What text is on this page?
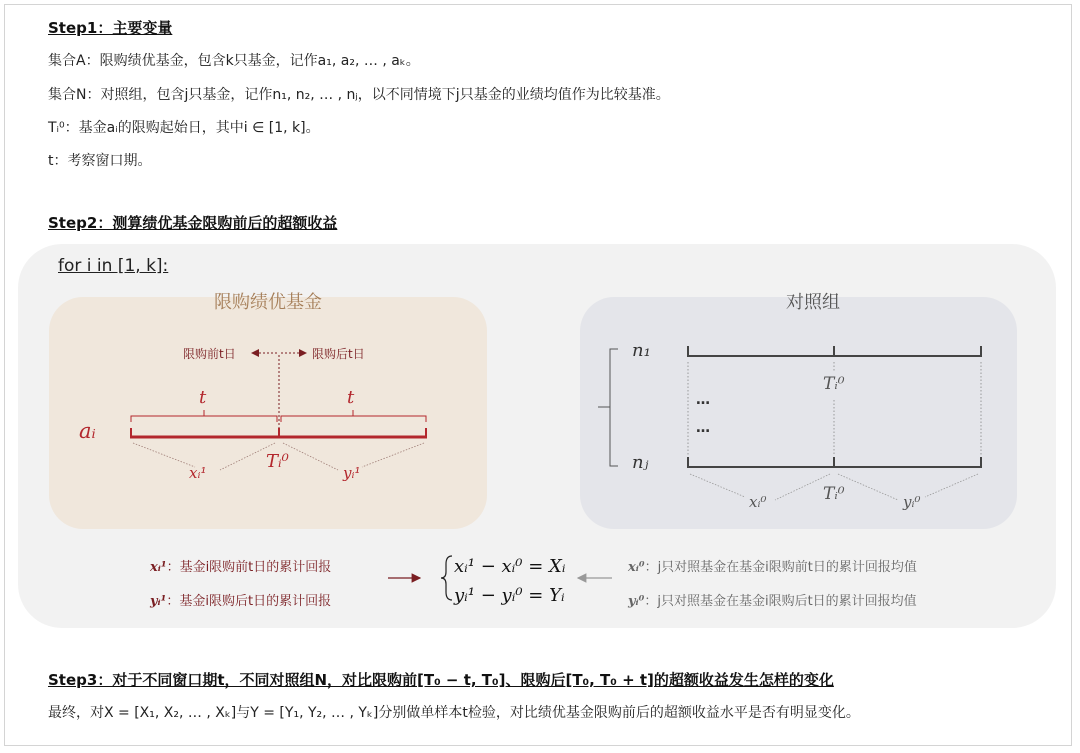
Step1：主要变量
集合A：限购绩优基金，包含k只基金，记作a₁, a₂, … , aₖ。
集合N：对照组，包含j只基金，记作n₁, n₂, … , nⱼ，以不同情境下j只基金的业绩均值作为比较基准。
Tᵢ⁰：基金aᵢ的限购起始日，其中i ∈ [1, k]。
t：考察窗口期。
Step2：测算绩优基金限购前后的超额收益
for i in [1, k]:
限购绩优基金	对照组
限购前t日	限购后t日
t	t
aᵢ
Tᵢ⁰
xᵢ¹	yᵢ¹
n₁
nⱼ
…
…
Tᵢ⁰
Tᵢ⁰
xᵢ⁰	yᵢ⁰
xᵢ¹：基金i限购前t日的累计回报
yᵢ¹：基金i限购后t日的累计回报
xᵢ¹ − xᵢ⁰ = Xᵢ
yᵢ¹ − yᵢ⁰ = Yᵢ
xᵢ⁰：j只对照基金在基金i限购前t日的累计回报均值
yᵢ⁰：j只对照基金在基金i限购后t日的累计回报均值
Step3：对于不同窗口期t，不同对照组N，对比限购前[T₀ − t, T₀]、限购后[T₀, T₀ + t]的超额收益发生怎样的变化
最终，对X = [X₁, X₂, … , Xₖ]与Y = [Y₁, Y₂, … , Yₖ]分别做单样本t检验，对比绩优基金限购前后的超额收益水平是否有明显变化。
